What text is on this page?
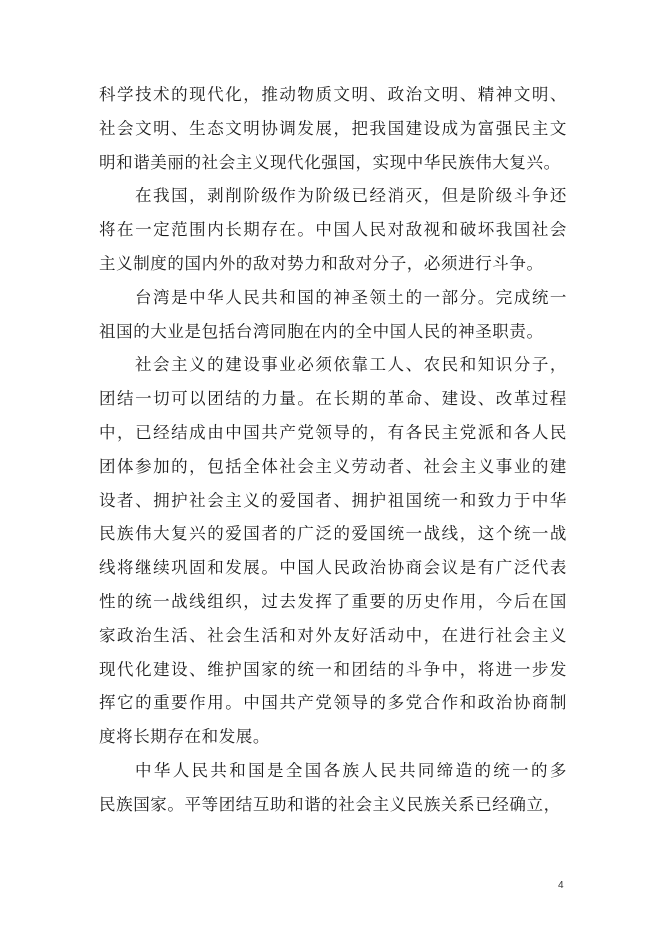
科学技术的现代化，推动物质文明、政治文明、精神文明、
社会文明、生态文明协调发展，把我国建设成为富强民主文
明和谐美丽的社会主义现代化强国，实现中华民族伟大复兴。
在我国，剥削阶级作为阶级已经消灭，但是阶级斗争还
将在一定范围内长期存在。中国人民对敌视和破坏我国社会
主义制度的国内外的敌对势力和敌对分子，必须进行斗争。
台湾是中华人民共和国的神圣领土的一部分。完成统一
祖国的大业是包括台湾同胞在内的全中国人民的神圣职责。
社会主义的建设事业必须依靠工人、农民和知识分子，
团结一切可以团结的力量。在长期的革命、建设、改革过程
中，已经结成由中国共产党领导的，有各民主党派和各人民
团体参加的，包括全体社会主义劳动者、社会主义事业的建
设者、拥护社会主义的爱国者、拥护祖国统一和致力于中华
民族伟大复兴的爱国者的广泛的爱国统一战线，这个统一战
线将继续巩固和发展。中国人民政治协商会议是有广泛代表
性的统一战线组织，过去发挥了重要的历史作用，今后在国
家政治生活、社会生活和对外友好活动中，在进行社会主义
现代化建设、维护国家的统一和团结的斗争中，将进一步发
挥它的重要作用。中国共产党领导的多党合作和政治协商制
度将长期存在和发展。
中华人民共和国是全国各族人民共同缔造的统一的多
民族国家。平等团结互助和谐的社会主义民族关系已经确立，
4
